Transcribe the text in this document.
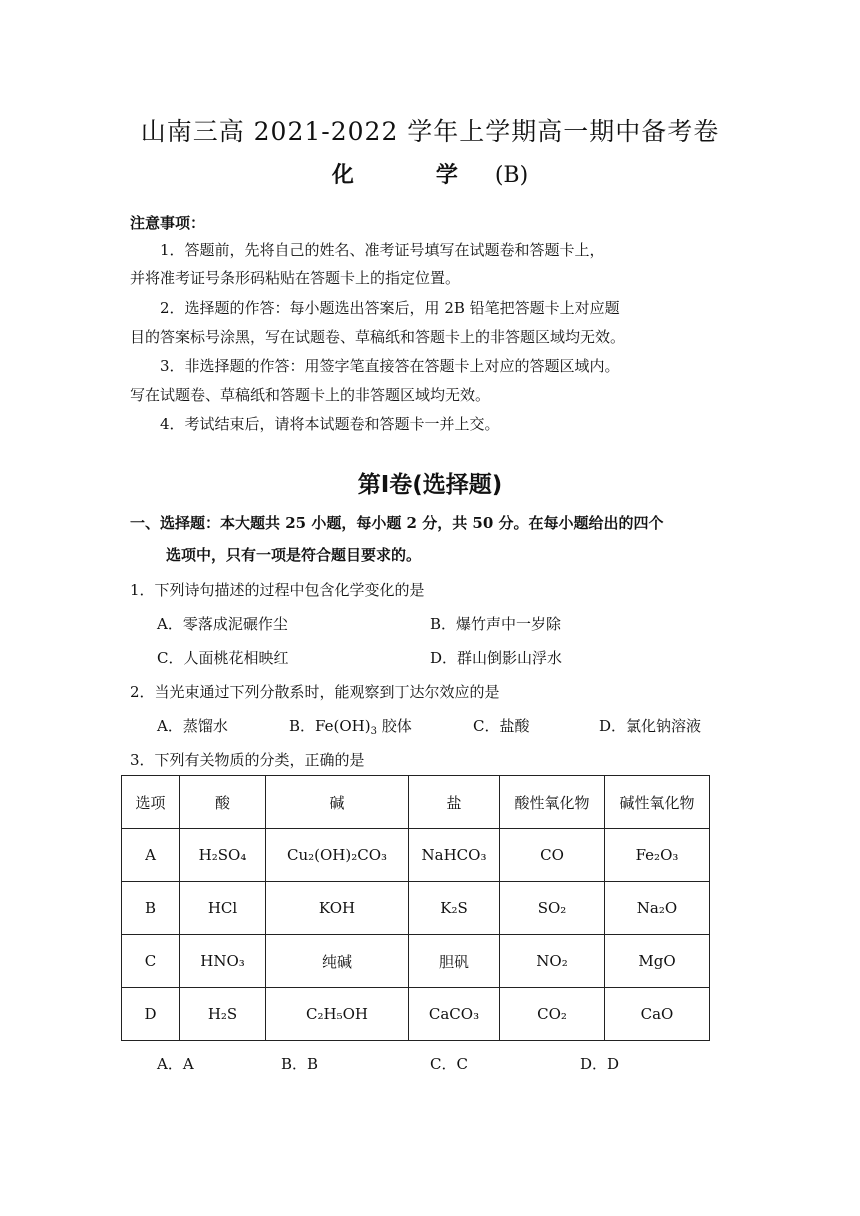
山南三高 2021-2022 学年上学期高一期中备考卷
化　学 (B)
注意事项：
1．答题前，先将自己的姓名、准考证号填写在试题卷和答题卡上，
并将准考证号条形码粘贴在答题卡上的指定位置。
2．选择题的作答：每小题选出答案后，用 2B 铅笔把答题卡上对应题
目的答案标号涂黑，写在试题卷、草稿纸和答题卡上的非答题区域均无效。
3．非选择题的作答：用签字笔直接答在答题卡上对应的答题区域内。
写在试题卷、草稿纸和答题卡上的非答题区域均无效。
4．考试结束后，请将本试题卷和答题卡一并上交。
第Ⅰ卷(选择题)
一、选择题：本大题共 25 小题，每小题 2 分，共 50 分。在每小题给出的四个
选项中，只有一项是符合题目要求的。
1．下列诗句描述的过程中包含化学变化的是
A．零落成泥碾作尘	B．爆竹声中一岁除
C．人面桃花相映红	D．群山倒影山浮水
2．当光束通过下列分散系时，能观察到丁达尔效应的是
A．蒸馏水	B．$Fe(OH)_3$ 胶体	C．盐酸	D．氯化钠溶液
3．下列有关物质的分类，正确的是
选项	酸	碱	盐	酸性氧化物	碱性氧化物
A	H₂SO₄	Cu₂(OH)₂CO₃	NaHCO₃	CO	Fe₂O₃
B	HCl	KOH	K₂S	SO₂	Na₂O
C	HNO₃	纯碱	胆矾	NO₂	MgO
D	H₂S	C₂H₅OH	CaCO₃	CO₂	CaO
A．A	B．B	C．C	D．D
